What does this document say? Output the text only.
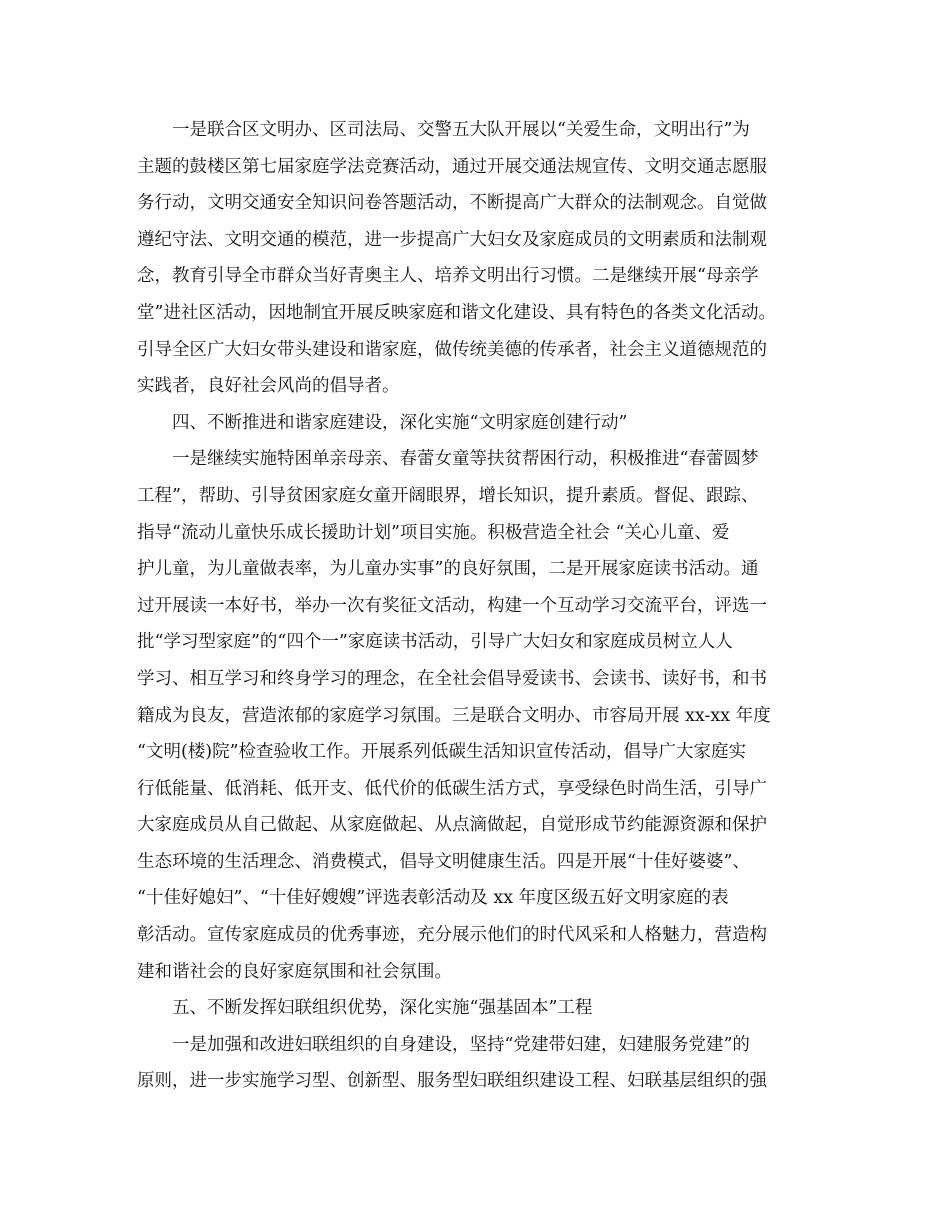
一是联合区文明办、区司法局、交警五大队开展以“关爱生命，文明出行”为
主题的鼓楼区第七届家庭学法竞赛活动，通过开展交通法规宣传、文明交通志愿服
务行动，文明交通安全知识问卷答题活动，不断提高广大群众的法制观念。自觉做
遵纪守法、文明交通的模范，进一步提高广大妇女及家庭成员的文明素质和法制观
念，教育引导全市群众当好青奥主人、培养文明出行习惯。二是继续开展“母亲学
堂”进社区活动，因地制宜开展反映家庭和谐文化建设、具有特色的各类文化活动。
引导全区广大妇女带头建设和谐家庭，做传统美德的传承者，社会主义道德规范的
实践者，良好社会风尚的倡导者。
四、不断推进和谐家庭建设，深化实施“文明家庭创建行动”
一是继续实施特困单亲母亲、春蕾女童等扶贫帮困行动，积极推进“春蕾圆梦
工程”，帮助、引导贫困家庭女童开阔眼界，增长知识，提升素质。督促、跟踪、
指导“流动儿童快乐成长援助计划”项目实施。积极营造全社会 “关心儿童、爱
护儿童，为儿童做表率，为儿童办实事”的良好氛围，二是开展家庭读书活动。通
过开展读一本好书，举办一次有奖征文活动，构建一个互动学习交流平台，评选一
批“学习型家庭”的“四个一”家庭读书活动，引导广大妇女和家庭成员树立人人
学习、相互学习和终身学习的理念，在全社会倡导爱读书、会读书、读好书，和书
籍成为良友，营造浓郁的家庭学习氛围。三是联合文明办、市容局开展 xx-xx 年度
“文明(楼)院”检查验收工作。开展系列低碳生活知识宣传活动，倡导广大家庭实
行低能量、低消耗、低开支、低代价的低碳生活方式，享受绿色时尚生活，引导广
大家庭成员从自己做起、从家庭做起、从点滴做起，自觉形成节约能源资源和保护
生态环境的生活理念、消费模式，倡导文明健康生活。四是开展“十佳好婆婆”、
“十佳好媳妇”、“十佳好嫂嫂”评选表彰活动及 xx 年度区级五好文明家庭的表
彰活动。宣传家庭成员的优秀事迹，充分展示他们的时代风采和人格魅力，营造构
建和谐社会的良好家庭氛围和社会氛围。
五、不断发挥妇联组织优势，深化实施“强基固本”工程
一是加强和改进妇联组织的自身建设，坚持“党建带妇建，妇建服务党建”的
原则，进一步实施学习型、创新型、服务型妇联组织建设工程、妇联基层组织的强
